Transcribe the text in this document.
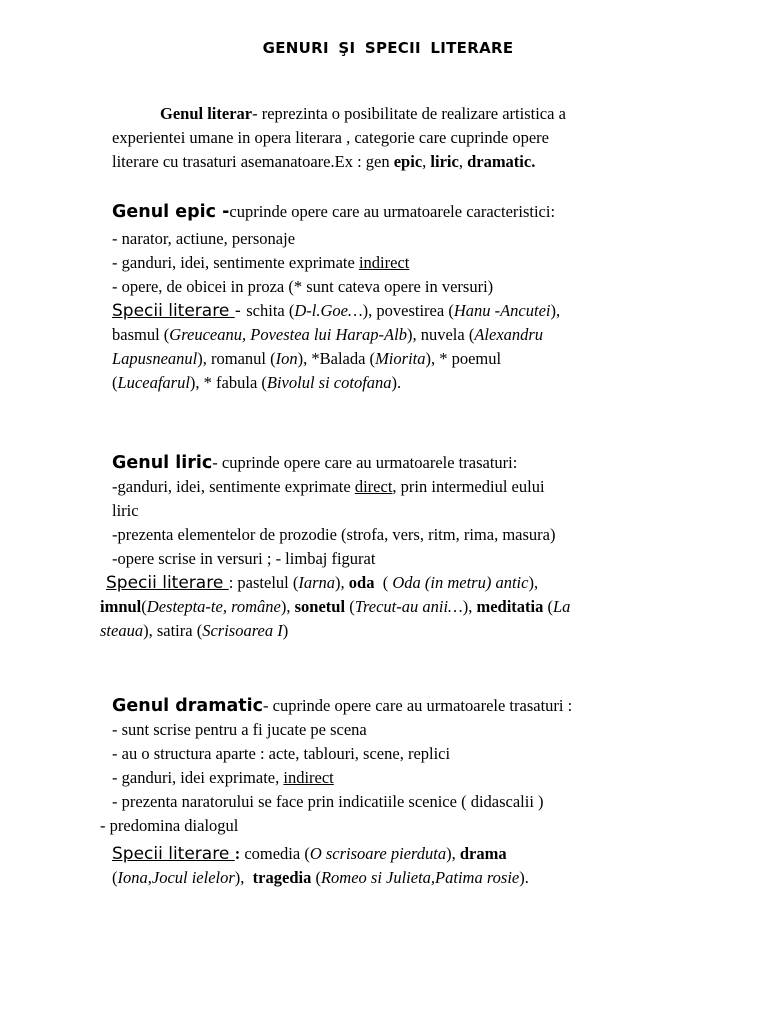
GENURI ŞI SPECII LITERARE
Genul literar- reprezinta o posibilitate de realizare artistica a
experientei umane in opera literara , categorie care cuprinde opere
literare cu trasaturi asemanatoare.Ex : gen epic, liric, dramatic.
Genul epic -cuprinde opere care au urmatoarele caracteristici:
- narator, actiune, personaje
- ganduri, idei, sentimente exprimate indirect
- opere, de obicei in proza (* sunt cateva opere in versuri)
Specii literare - schita (D-l.Goe…), povestirea (Hanu -Ancutei),
basmul (Greuceanu, Povestea lui Harap-Alb), nuvela (Alexandru
Lapusneanul), romanul (Ion), *Balada (Miorita), * poemul
(Luceafarul), * fabula (Bivolul si cotofana).
Genul liric- cuprinde opere care au urmatoarele trasaturi:
-ganduri, idei, sentimente exprimate direct, prin intermediul eului
liric
-prezenta elementelor de prozodie (strofa, vers, ritm, rima, masura)
-opere scrise in versuri ; - limbaj figurat
Specii literare : pastelul (Iarna), oda  ( Oda (in metru) antic),
imnul(Destepta-te, române), sonetul (Trecut-au anii…), meditatia (La
steaua), satira (Scrisoarea I)
Genul dramatic- cuprinde opere care au urmatoarele trasaturi :
- sunt scrise pentru a fi jucate pe scena
- au o structura aparte : acte, tablouri, scene, replici
- ganduri, idei exprimate, indirect
- prezenta naratorului se face prin indicatiile scenice ( didascalii )
- predomina dialogul
Specii literare : comedia (O scrisoare pierduta), drama
(Iona,Jocul ielelor),  tragedia (Romeo si Julieta,Patima rosie).
